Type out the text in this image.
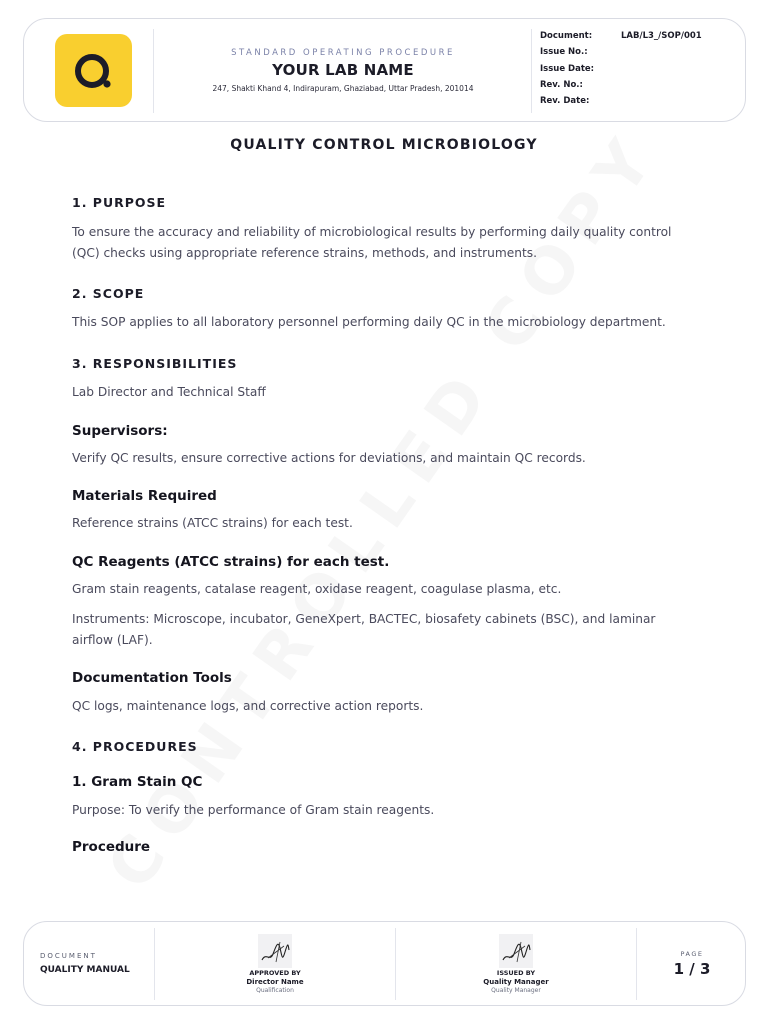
STANDARD OPERATING PROCEDURE
YOUR LAB NAME
247, Shakti Khand 4, Indirapuram, Ghaziabad, Uttar Pradesh, 201014
Document:	LAB/L3_/SOP/001
Issue No.:
Issue Date:
Rev. No.:
Rev. Date:
QUALITY CONTROL MICROBIOLOGY
1. PURPOSE
To ensure the accuracy and reliability of microbiological results by performing daily quality control (QC) checks using appropriate reference strains, methods, and instruments.
2. SCOPE
This SOP applies to all laboratory personnel performing daily QC in the microbiology department.
3. RESPONSIBILITIES
Lab Director and Technical Staff
Supervisors:
Verify QC results, ensure corrective actions for deviations, and maintain QC records.
Materials Required
Reference strains (ATCC strains) for each test.
QC Reagents (ATCC strains) for each test.
Gram stain reagents, catalase reagent, oxidase reagent, coagulase plasma, etc.
Instruments: Microscope, incubator, GeneXpert, BACTEC, biosafety cabinets (BSC), and laminar airflow (LAF).
Documentation Tools
QC logs, maintenance logs, and corrective action reports.
4. PROCEDURES
1. Gram Stain QC
Purpose: To verify the performance of Gram stain reagents.
Procedure
DOCUMENT
QUALITY MANUAL	APPROVED BY
Director Name
Qualification
ISSUED BY
Quality Manager
Quality Manager
PAGE
1 / 3
